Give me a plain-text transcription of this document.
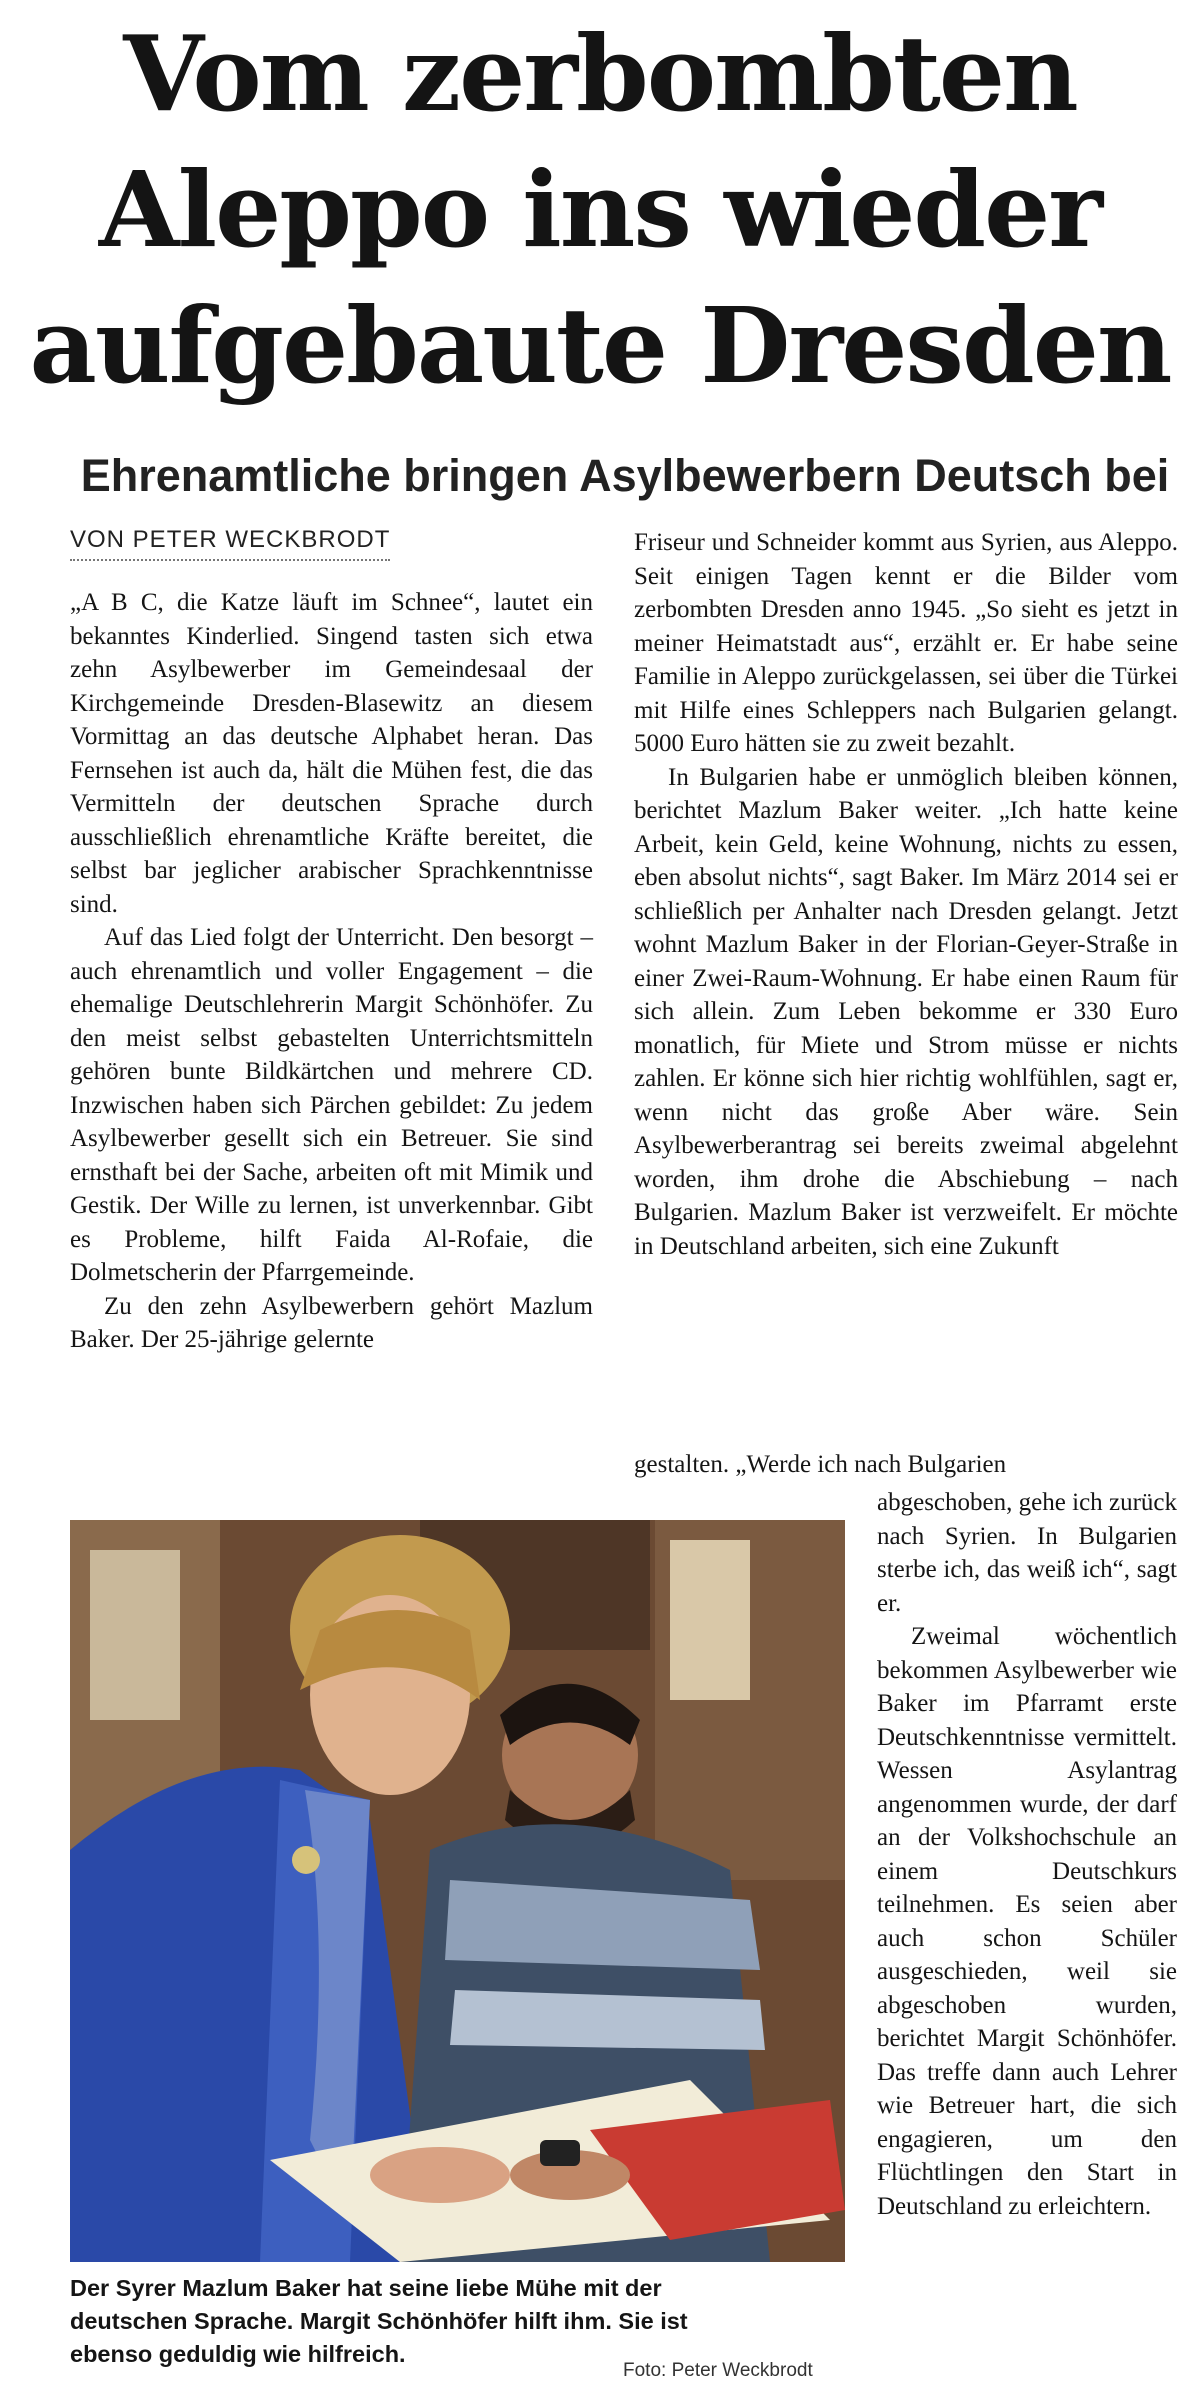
Vom zerbombten
Aleppo ins wieder
aufgebaute Dresden
Ehrenamtliche bringen Asylbewerbern Deutsch bei
VON PETER WECKBRODT

„A B C, die Katze läuft im Schnee“, lautet ein bekanntes Kinderlied. Singend tasten sich etwa zehn Asylbewerber im Gemeindesaal der Kirchgemeinde Dresden-Blasewitz an diesem Vormittag an das deutsche Alphabet heran. Das Fernsehen ist auch da, hält die Mühen fest, die das Vermitteln der deutschen Sprache durch ausschließlich ehrenamtliche Kräfte bereitet, die selbst bar jeglicher arabischer Sprachkenntnisse sind.

Auf das Lied folgt der Unterricht. Den besorgt – auch ehrenamtlich und voller Engagement – die ehemalige Deutschlehrerin Margit Schönhöfer. Zu den meist selbst gebastelten Unterrichtsmitteln gehören bunte Bildkärtchen und mehrere CD. Inzwischen haben sich Pärchen gebildet: Zu jedem Asylbewerber gesellt sich ein Betreuer. Sie sind ernsthaft bei der Sache, arbeiten oft mit Mimik und Gestik. Der Wille zu lernen, ist unverkennbar. Gibt es Probleme, hilft Faida Al-Rofaie, die Dolmetscherin der Pfarrgemeinde.

Zu den zehn Asylbewerbern gehört Mazlum Baker. Der 25-jährige gelernte

Friseur und Schneider kommt aus Syrien, aus Aleppo. Seit einigen Tagen kennt er die Bilder vom zerbombten Dresden anno 1945. „So sieht es jetzt in meiner Heimatstadt aus“, erzählt er. Er habe seine Familie in Aleppo zurückgelassen, sei über die Türkei mit Hilfe eines Schleppers nach Bulgarien gelangt. 5000 Euro hätten sie zu zweit bezahlt.

In Bulgarien habe er unmöglich bleiben können, berichtet Mazlum Baker weiter. „Ich hatte keine Arbeit, kein Geld, keine Wohnung, nichts zu essen, eben absolut nichts“, sagt Baker. Im März 2014 sei er schließlich per Anhalter nach Dresden gelangt. Jetzt wohnt Mazlum Baker in der Florian-Geyer-Straße in einer Zwei-Raum-Wohnung. Er habe einen Raum für sich allein. Zum Leben bekomme er 330 Euro monatlich, für Miete und Strom müsse er nichts zahlen. Er könne sich hier richtig wohlfühlen, sagt er, wenn nicht das große Aber wäre. Sein Asylbewerberantrag sei bereits zweimal abgelehnt worden, ihm drohe die Abschiebung – nach Bulgarien. Mazlum Baker ist verzweifelt. Er möchte in Deutschland arbeiten, sich eine Zukunft

gestalten. „Werde ich nach Bulgarien

abgeschoben, gehe ich zurück nach Syrien. In Bulgarien sterbe ich, das weiß ich“, sagt er.

Zweimal wöchentlich bekommen Asylbewerber wie Baker im Pfarramt erste Deutschkenntnisse vermittelt. Wessen Asylantrag angenommen wurde, der darf an der Volkshochschule an einem Deutschkurs teilnehmen. Es seien aber auch schon Schüler ausgeschieden, weil sie abgeschoben wurden, berichtet Margit Schönhöfer. Das treffe dann auch Lehrer wie Betreuer hart, die sich engagieren, um den Flüchtlingen den Start in Deutschland zu erleichtern.

Der Syrer Mazlum Baker hat seine liebe Mühe mit der
deutschen Sprache. Margit Schönhöfer hilft ihm. Sie ist
ebenso geduldig wie hilfreich.
Foto: Peter Weckbrodt
